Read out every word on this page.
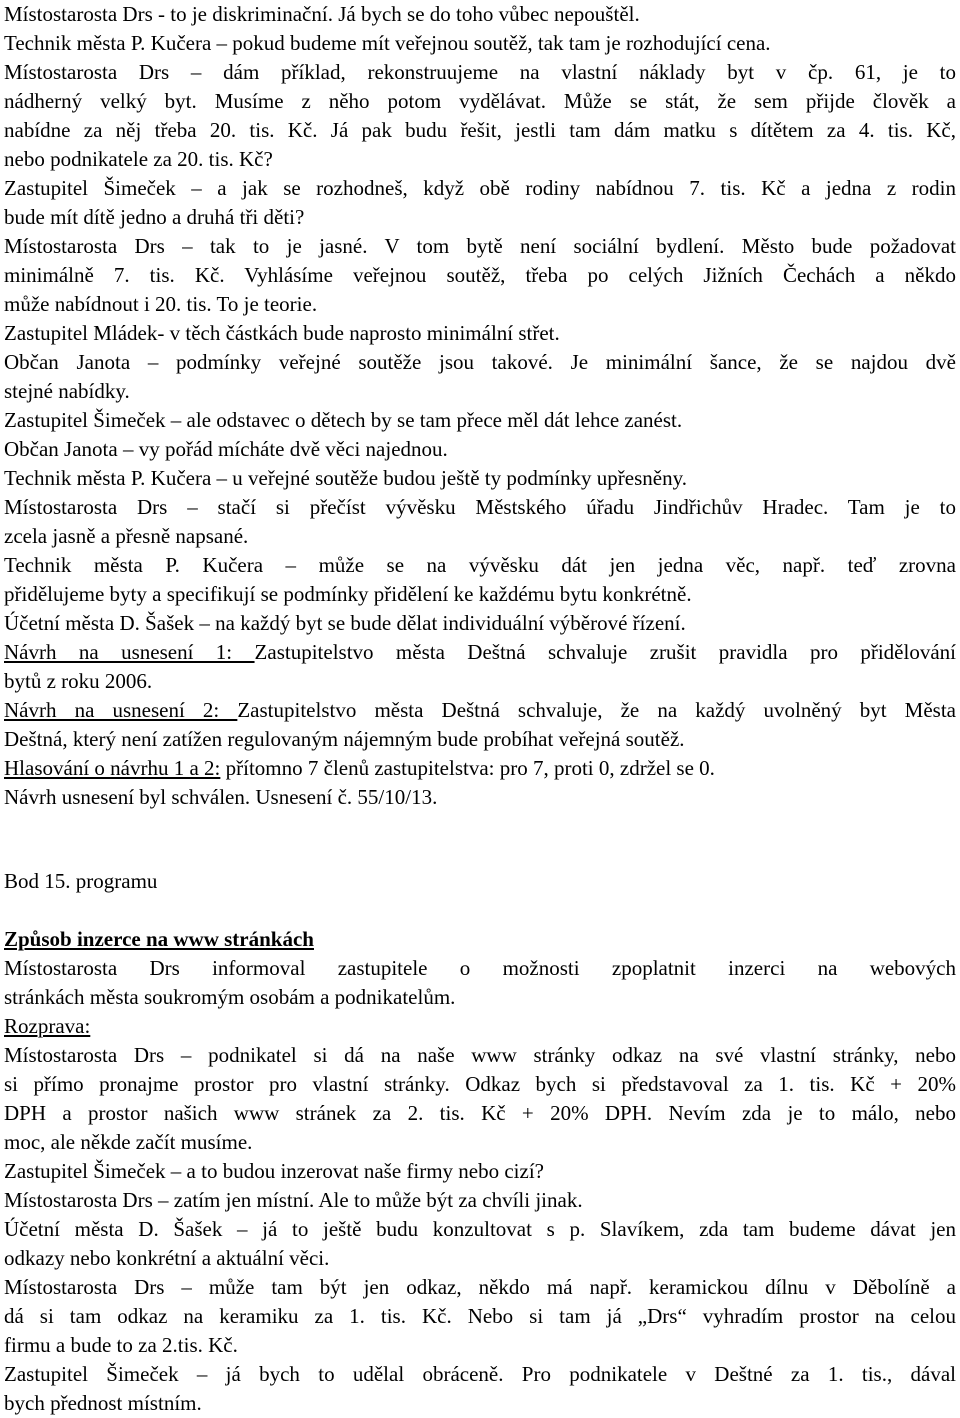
Místostarosta Drs - to je diskriminační. Já bych se do toho vůbec nepouštěl.
Technik města P. Kučera – pokud budeme mít veřejnou soutěž, tak tam je rozhodující cena.
Místostarosta Drs – dám příklad, rekonstruujeme na vlastní náklady byt v čp. 61, je to
nádherný velký byt. Musíme z něho potom vydělávat. Může se stát, že sem přijde člověk a
nabídne za něj třeba 20. tis. Kč. Já pak budu řešit, jestli tam dám matku s dítětem za 4. tis. Kč,
nebo podnikatele za 20. tis. Kč?
Zastupitel Šimeček – a jak se rozhodneš, když obě rodiny nabídnou 7. tis. Kč a jedna z rodin
bude mít dítě jedno a druhá tři děti?
Místostarosta Drs – tak to je jasné. V tom bytě není sociální bydlení. Město bude požadovat
minimálně 7. tis. Kč. Vyhlásíme veřejnou soutěž, třeba po celých Jižních Čechách a někdo
může nabídnout i 20. tis. To je teorie.
Zastupitel Mládek- v těch částkách bude naprosto minimální střet.
Občan Janota – podmínky veřejné soutěže jsou takové. Je minimální šance, že se najdou dvě
stejné nabídky.
Zastupitel Šimeček – ale odstavec o dětech by se tam přece měl dát lehce zanést.
Občan Janota – vy pořád mícháte dvě věci najednou.
Technik města P. Kučera – u veřejné soutěže budou ještě ty podmínky upřesněny.
Místostarosta Drs – stačí si přečíst vývěsku Městského úřadu Jindřichův Hradec. Tam je to
zcela jasně a přesně napsané.
Technik města P. Kučera – může se na vývěsku dát jen jedna věc, např. teď zrovna
přidělujeme byty a specifikují se podmínky přidělení ke každému bytu konkrétně.
Účetní města D. Šašek – na každý byt se bude dělat individuální výběrové řízení.
Návrh na usnesení 1: Zastupitelstvo města Deštná schvaluje zrušit pravidla pro přidělování
bytů z roku 2006.
Návrh na usnesení 2: Zastupitelstvo města Deštná schvaluje, že na každý uvolněný byt Města
Deštná, který není zatížen regulovaným nájemným bude probíhat veřejná soutěž.
Hlasování o návrhu 1 a 2: přítomno 7 členů zastupitelstva: pro 7, proti 0, zdržel se 0.
Návrh usnesení byl schválen. Usnesení č. 55/10/13.
Bod 15. programu
Způsob inzerce na www stránkách
Místostarosta Drs informoval zastupitele o možnosti zpoplatnit inzerci na webových
stránkách města soukromým osobám a podnikatelům.
Rozprava:
Místostarosta Drs – podnikatel si dá na naše www stránky odkaz na své vlastní stránky, nebo
si přímo pronajme prostor pro vlastní stránky. Odkaz bych si představoval za 1. tis. Kč + 20%
DPH a prostor našich www stránek za 2. tis. Kč + 20% DPH. Nevím zda je to málo, nebo
moc, ale někde začít musíme.
Zastupitel Šimeček – a to budou inzerovat naše firmy nebo cizí?
Místostarosta Drs – zatím jen místní. Ale to může být za chvíli jinak.
Účetní města D. Šašek – já to ještě budu konzultovat s p. Slavíkem, zda tam budeme dávat jen
odkazy nebo konkrétní a aktuální věci.
Místostarosta Drs – může tam být jen odkaz, někdo má např. keramickou dílnu v Děbolíně a
dá si tam odkaz na keramiku za 1. tis. Kč. Nebo si tam já „Drs“ vyhradím prostor na celou
firmu a bude to za 2.tis. Kč.
Zastupitel Šimeček – já bych to udělal obráceně. Pro podnikatele v Deštné za 1. tis., dával
bych přednost místním.
